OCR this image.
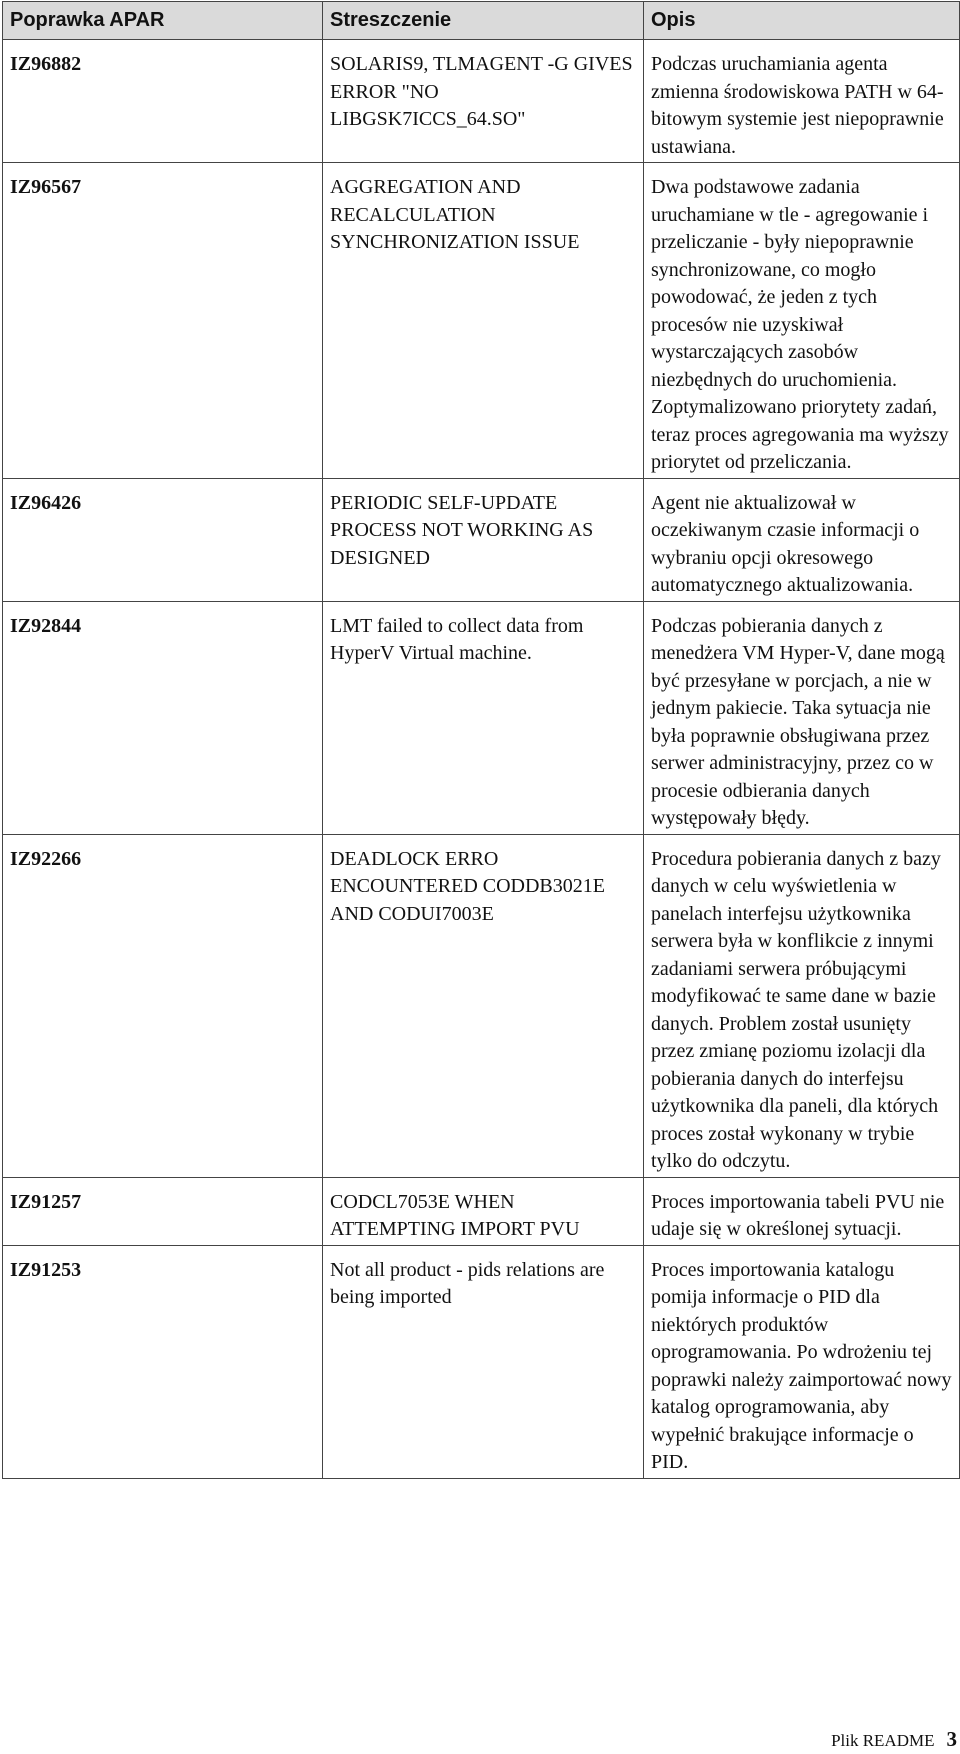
Poprawka APAR	Streszczenie	Opis
IZ96882	SOLARIS9, TLMAGENT -G GIVES ERROR "NO LIBGSK7ICCS_64.SO"	Podczas uruchamiania agenta zmienna środowiskowa PATH w 64-bitowym systemie jest niepoprawnie ustawiana.
IZ96567	AGGREGATION AND RECALCULATION SYNCHRONIZATION ISSUE	Dwa podstawowe zadania uruchamiane w tle - agregowanie i przeliczanie - były niepoprawnie synchronizowane, co mogło powodować, że jeden z tych procesów nie uzyskiwał wystarczających zasobów niezbędnych do uruchomienia. Zoptymalizowano priorytety zadań, teraz proces agregowania ma wyższy priorytet od przeliczania.
IZ96426	PERIODIC SELF-UPDATE PROCESS NOT WORKING AS DESIGNED	Agent nie aktualizował w oczekiwanym czasie informacji o wybraniu opcji okresowego automatycznego aktualizowania.
IZ92844	LMT failed to collect data from HyperV Virtual machine.	Podczas pobierania danych z menedżera VM Hyper-V, dane mogą być przesyłane w porcjach, a nie w jednym pakiecie. Taka sytuacja nie była poprawnie obsługiwana przez serwer administracyjny, przez co w procesie odbierania danych występowały błędy.
IZ92266	DEADLOCK ERRO ENCOUNTERED CODDB3021E AND CODUI7003E	Procedura pobierania danych z bazy danych w celu wyświetlenia w panelach interfejsu użytkownika serwera była w konflikcie z innymi zadaniami serwera próbującymi modyfikować te same dane w bazie danych. Problem został usunięty przez zmianę poziomu izolacji dla pobierania danych do interfejsu użytkownika dla paneli, dla których proces został wykonany w trybie tylko do odczytu.
IZ91257	CODCL7053E WHEN ATTEMPTING IMPORT PVU	Proces importowania tabeli PVU nie udaje się w określonej sytuacji.
IZ91253	Not all product - pids relations are being imported	Proces importowania katalogu pomija informacje o PID dla niektórych produktów oprogramowania. Po wdrożeniu tej poprawki należy zaimportować nowy katalog oprogramowania, aby wypełnić brakujące informacje o PID.
Plik README 3
